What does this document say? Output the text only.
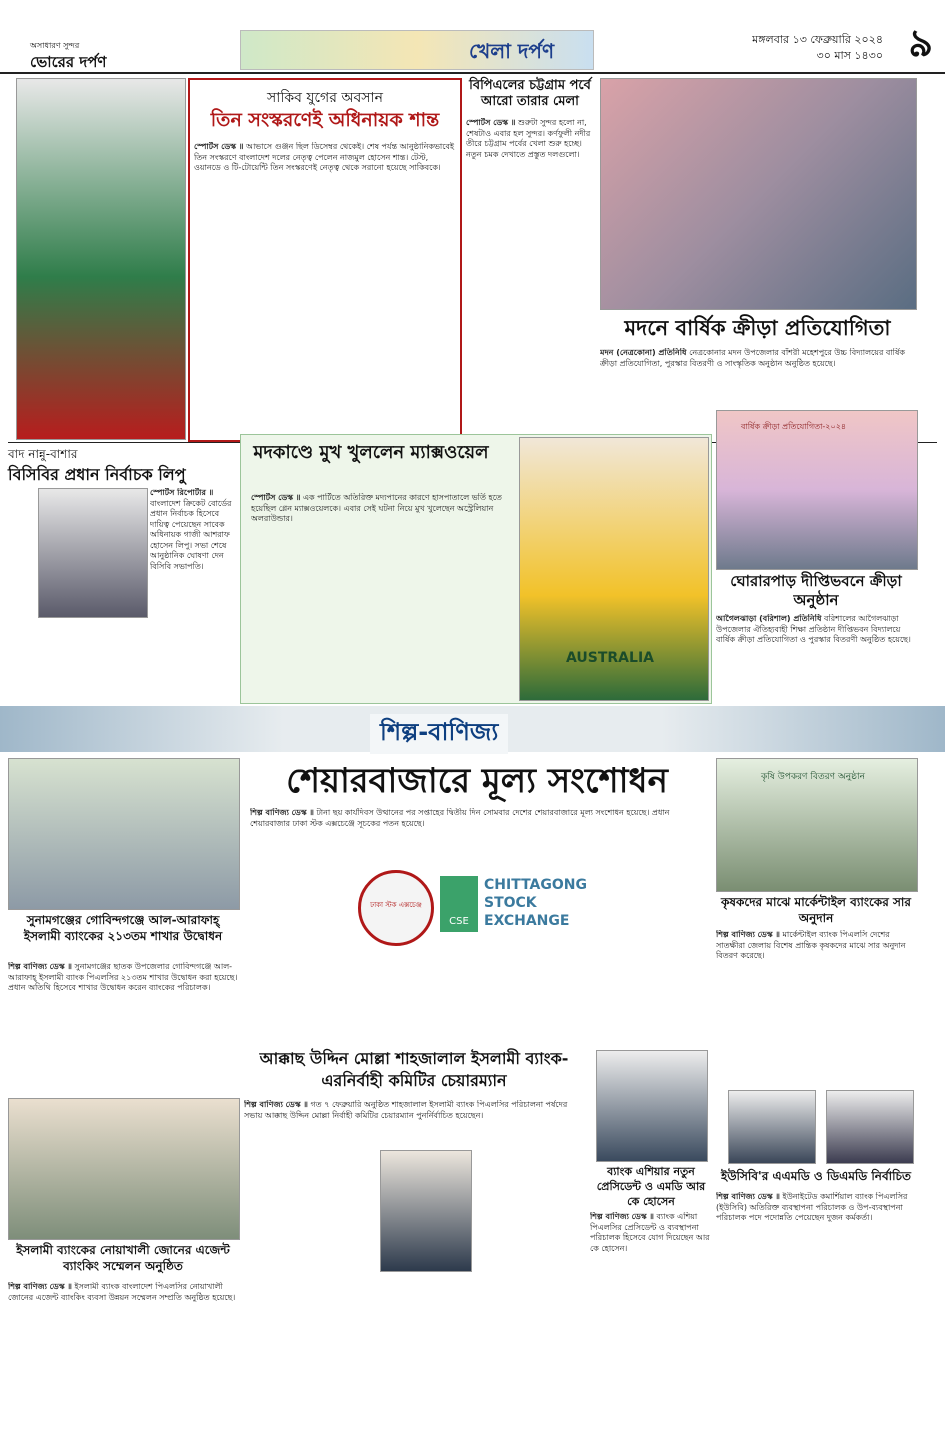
অসাধারণ সুন্দর
ভোরের দর্পণ	খেলা দর্পণ	মঙ্গলবার ১৩ ফেব্রুয়ারি ২০২৪
৩০ মাস ১৪৩০ ৯
সাকিব যুগের অবসান
তিন সংস্করণেই অধিনায়ক শান্ত
স্পোর্টস ডেস্ক ॥ আভাসে গুঞ্জন ছিল ডিসেম্বর থেকেই। শেষ পর্যন্ত আনুষ্ঠানিকভাবেই তিন সংস্করণে বাংলাদেশ দলের নেতৃত্ব পেলেন নাজমুল হোসেন শান্ত। টেস্ট, ওয়ানডে ও টি-টোয়েন্টি তিন সংস্করণেই নেতৃত্ব থেকে সরানো হয়েছে সাকিবকে।
বিপিএলের চট্টগ্রাম পর্বে আরো তারার মেলা
স্পোর্টস ডেস্ক ॥ শুরুটা সুন্দর হলো না, শেষটাও এবার হল সুন্দর। কর্ণফুলী নদীর তীরে চট্টগ্রাম পর্বের খেলা শুরু হচ্ছে। নতুন চমক দেখাতে প্রস্তুত দলগুলো।
মদনে বার্ষিক ক্রীড়া প্রতিযোগিতা
মদন (নেত্রকোনা) প্রতিনিধি নেত্রকোনার মদন উপজেলার বাঁশরী মহেশপুরে উচ্চ বিদ্যালয়ের বার্ষিক ক্রীড়া প্রতিযোগিতা, পুরস্কার বিতরণী ও সাংস্কৃতিক অনুষ্ঠান অনুষ্ঠিত হয়েছে।
বাদ নান্নু-বাশার
বিসিবির প্রধান নির্বাচক লিপু
স্পোর্টস রিপোর্টার ॥ বাংলাদেশ ক্রিকেট বোর্ডের প্রধান নির্বাচক হিসেবে দায়িত্ব পেয়েছেন সাবেক অধিনায়ক গাজী আশরাফ হোসেন লিপু। সভা শেষে আনুষ্ঠানিক ঘোষণা দেন বিসিবি সভাপতি।
মদকাণ্ডে মুখ খুললেন ম্যাক্সওয়েল
স্পোর্টস ডেস্ক ॥ এক পার্টিতে অতিরিক্ত মদ্যপানের কারণে হাসপাতালে ভর্তি হতে হয়েছিল গ্লেন ম্যাক্সওয়েলকে। এবার সেই ঘটনা নিয়ে মুখ খুলেছেন অস্ট্রেলিয়ান অলরাউন্ডার।
AUSTRALIA
বার্ষিক ক্রীড়া প্রতিযোগিতা-২০২৪
ঘোরারপাড় দীপ্তিভবনে ক্রীড়া অনুষ্ঠান
আগৈলঝাড়া (বরিশাল) প্রতিনিধি বরিশালের আগৈলঝাড়া উপজেলার ঐতিহ্যবাহী শিক্ষা প্রতিষ্ঠান দীপ্তিভবন বিদ্যালয়ে বার্ষিক ক্রীড়া প্রতিযোগিতা ও পুরস্কার বিতরণী অনুষ্ঠিত হয়েছে।
শিল্প-বাণিজ্য
সুনামগঞ্জের গোবিন্দগঞ্জে আল-আরাফাহ্ ইসলামী ব্যাংকের ২১৩তম শাখার উদ্বোধন
শিল্প বাণিজ্য ডেস্ক ॥ সুনামগঞ্জের ছাতক উপজেলার গোবিন্দগঞ্জে আল-আরাফাহ্ ইসলামী ব্যাংক পিএলসির ২১৩তম শাখার উদ্বোধন করা হয়েছে। প্রধান অতিথি হিসেবে শাখার উদ্বোধন করেন ব্যাংকের পরিচালক।
ইসলামী ব্যাংকের নোয়াখালী জোনের এজেন্ট ব্যাংকিং সম্মেলন অনুষ্ঠিত
শিল্প বাণিজ্য ডেস্ক ॥ ইসলামী ব্যাংক বাংলাদেশ পিএলসির নোয়াখালী জোনের এজেন্ট ব্যাংকিং ব্যবসা উন্নয়ন সম্মেলন সম্প্রতি অনুষ্ঠিত হয়েছে।
শেয়ারবাজারে মূল্য সংশোধন
শিল্প বাণিজ্য ডেস্ক ॥ টানা ছয় কার্যদিবস উত্থানের পর সপ্তাহের দ্বিতীয় দিন সোমবার দেশের শেয়ারবাজারে মূল্য সংশোধন হয়েছে। প্রধান শেয়ারবাজার ঢাকা স্টক এক্সচেঞ্জে সূচকের পতন হয়েছে।
ঢাকা স্টক এক্সচেঞ্জ
CSE
CHITTAGONG
STOCK
EXCHANGE
কৃষি উপকরণ বিতরণ অনুষ্ঠান
কৃষকদের মাঝে মার্কেন্টাইল ব্যাংকের সার অনুদান
শিল্প বাণিজ্য ডেস্ক ॥ মার্কেন্টাইল ব্যাংক পিএলসি দেশের সাতক্ষীরা জেলায় বিশেষ প্রান্তিক কৃষকদের মাঝে সার অনুদান বিতরণ করেছে।
আক্কাছ উদ্দিন মোল্লা শাহজালাল ইসলামী ব্যাংক-এরনির্বাহী কমিটির চেয়ারম্যান
শিল্প বাণিজ্য ডেস্ক ॥ গত ৭ ফেব্রুয়ারি অনুষ্ঠিত শাহজালাল ইসলামী ব্যাংক পিএলসির পরিচালনা পর্ষদের সভায় আক্কাছ উদ্দিন মোল্লা নির্বাহী কমিটির চেয়ারম্যান পুনর্নির্বাচিত হয়েছেন।
ব্যাংক এশিয়ার নতুন প্রেসিডেন্ট ও এমডি আর কে হোসেন
শিল্প বাণিজ্য ডেস্ক ॥ ব্যাংক এশিয়া পিএলসির প্রেসিডেন্ট ও ব্যবস্থাপনা পরিচালক হিসেবে যোগ দিয়েছেন আর কে হোসেন।
ইউসিবি'র এএমডি ও ডিএমডি নির্বাচিত
শিল্প বাণিজ্য ডেস্ক ॥ ইউনাইটেড কমার্শিয়াল ব্যাংক পিএলসির (ইউসিবি) অতিরিক্ত ব্যবস্থাপনা পরিচালক ও উপ-ব্যবস্থাপনা পরিচালক পদে পদোন্নতি পেয়েছেন দুজন কর্মকর্তা।
